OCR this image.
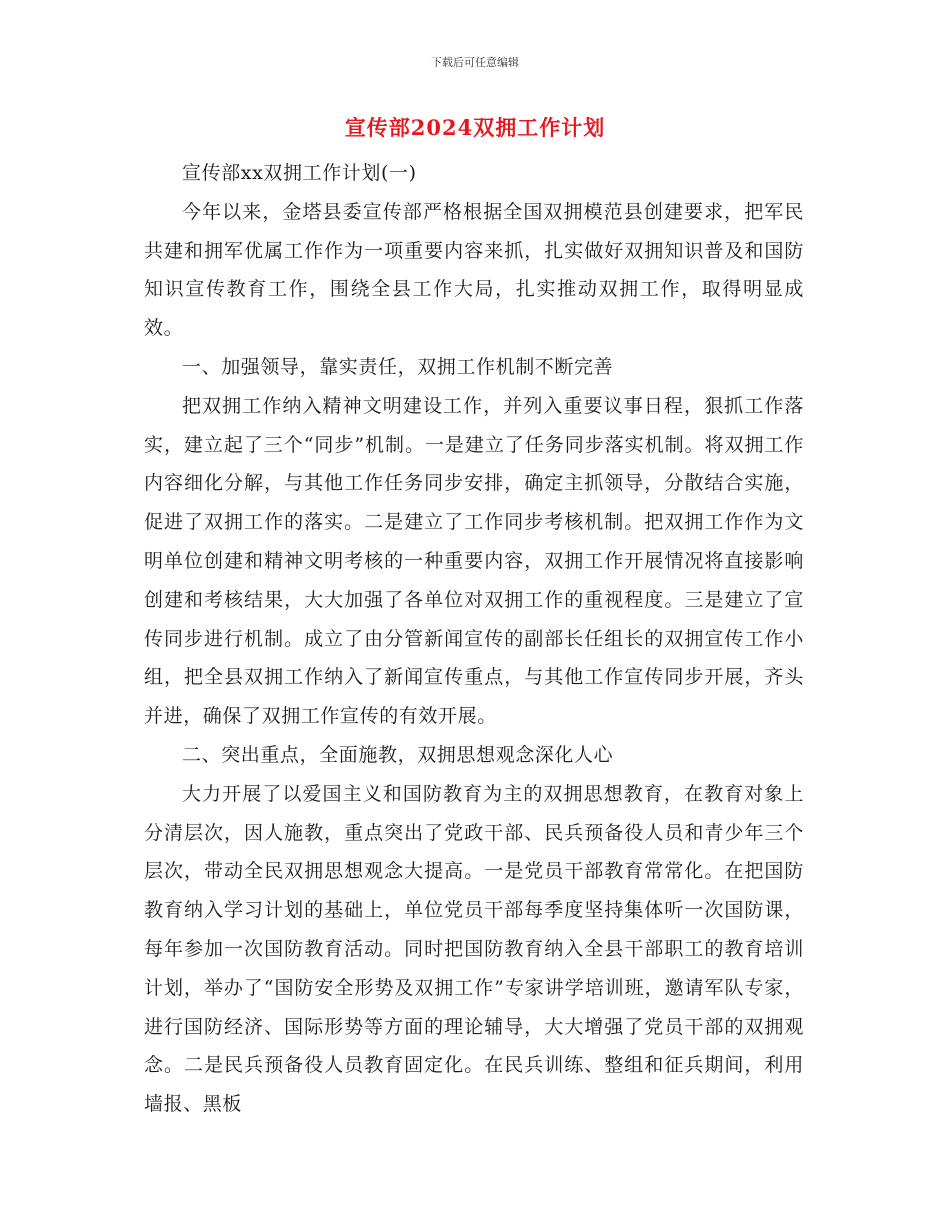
下载后可任意编辑
宣传部2024双拥工作计划

宣传部xx双拥工作计划(一)

今年以来，金塔县委宣传部严格根据全国双拥模范县创建要求，把军民共建和拥军优属工作作为一项重要内容来抓，扎实做好双拥知识普及和国防知识宣传教育工作，围绕全县工作大局，扎实推动双拥工作，取得明显成效。

一、加强领导，靠实责任，双拥工作机制不断完善

把双拥工作纳入精神文明建设工作，并列入重要议事日程，狠抓工作落实，建立起了三个“同步”机制。一是建立了任务同步落实机制。将双拥工作内容细化分解，与其他工作任务同步安排，确定主抓领导，分散结合实施，促进了双拥工作的落实。二是建立了工作同步考核机制。把双拥工作作为文明单位创建和精神文明考核的一种重要内容，双拥工作开展情况将直接影响创建和考核结果，大大加强了各单位对双拥工作的重视程度。三是建立了宣传同步进行机制。成立了由分管新闻宣传的副部长任组长的双拥宣传工作小组，把全县双拥工作纳入了新闻宣传重点，与其他工作宣传同步开展，齐头并进，确保了双拥工作宣传的有效开展。

二、突出重点，全面施教，双拥思想观念深化人心

大力开展了以爱国主义和国防教育为主的双拥思想教育，在教育对象上分清层次，因人施教，重点突出了党政干部、民兵预备役人员和青少年三个层次，带动全民双拥思想观念大提高。一是党员干部教育常常化。在把国防教育纳入学习计划的基础上，单位党员干部每季度坚持集体听一次国防课，每年参加一次国防教育活动。同时把国防教育纳入全县干部职工的教育培训计划，举办了“国防安全形势及双拥工作”专家讲学培训班，邀请军队专家，进行国防经济、国际形势等方面的理论辅导，大大增强了党员干部的双拥观念。二是民兵预备役人员教育固定化。在民兵训练、整组和征兵期间，利用墙报、黑板
